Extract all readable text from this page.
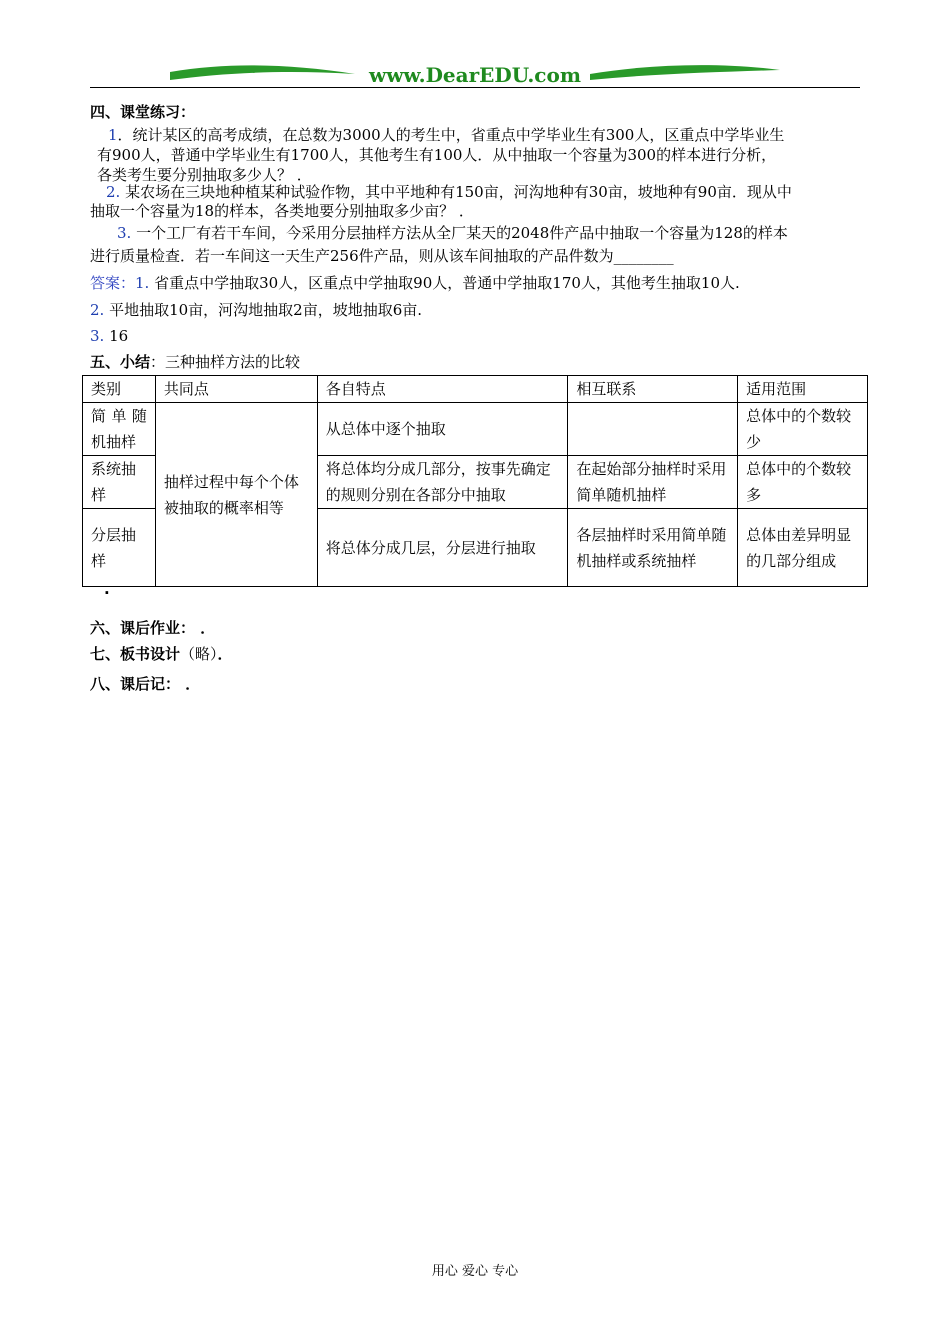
www.DearEDU.com
四、课堂练习：
1．统计某区的高考成绩，在总数为3000人的考生中，省重点中学毕业生有300人，区重点中学毕业生
有900人，普通中学毕业生有1700人，其他考生有100人．从中抽取一个容量为300的样本进行分析，
各类考生要分别抽取多少人？ ．
2. 某农场在三块地种植某种试验作物，其中平地种有150亩，河沟地种有30亩，坡地种有90亩．现从中
抽取一个容量为18的样本，各类地要分别抽取多少亩？ ．
3. 一个工厂有若干车间，今采用分层抽样方法从全厂某天的2048件产品中抽取一个容量为128的样本
进行质量检查．若一车间这一天生产256件产品，则从该车间抽取的产品件数为________
答案：1. 省重点中学抽取30人，区重点中学抽取90人，普通中学抽取170人，其他考生抽取10人.
2. 平地抽取10亩，河沟地抽取2亩，坡地抽取6亩.
3. 16
五、小结：三种抽样方法的比较
类别	共同点	各自特点	相互联系	适用范围
简单随机抽样	抽样过程中每个个体被抽取的概率相等	从总体中逐个抽取		总体中的个数较少
系统抽样		将总体均分成几部分，按事先确定的规则分别在各部分中抽取	在起始部分抽样时采用简单随机抽样	总体中的个数较多
分层抽样		将总体分成几层，分层进行抽取	各层抽样时采用简单随机抽样或系统抽样	总体由差异明显的几部分组成
.
六、课后作业： ．
七、板书设计（略）．
八、课后记： ．
用心 爱心 专心
